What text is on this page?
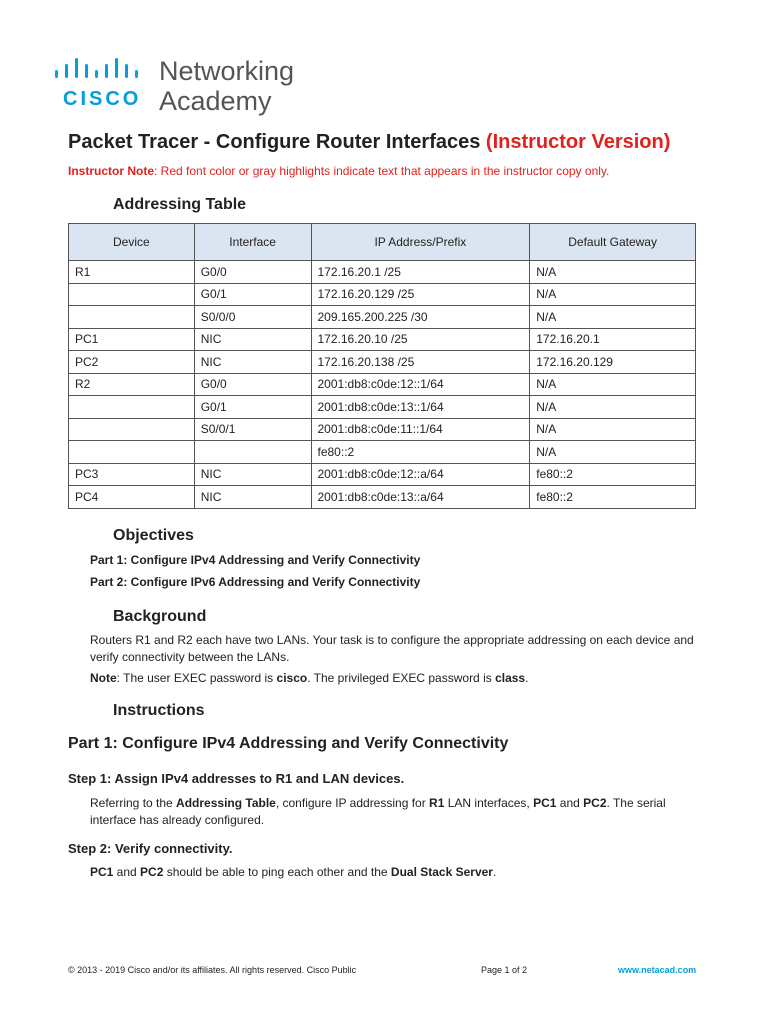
CISCO
Networking
Academy
Packet Tracer - Configure Router Interfaces (Instructor Version)
Instructor Note: Red font color or gray highlights indicate text that appears in the instructor copy only.
Addressing Table
Device	Interface	IP Address/Prefix	Default Gateway
R1	G0/0	172.16.20.1 /25	N/A
	G0/1	172.16.20.129 /25	N/A
	S0/0/0	209.165.200.225 /30	N/A
PC1	NIC	172.16.20.10 /25	172.16.20.1
PC2	NIC	172.16.20.138 /25	172.16.20.129
R2	G0/0	2001:db8:c0de:12::1/64	N/A
	G0/1	2001:db8:c0de:13::1/64	N/A
	S0/0/1	2001:db8:c0de:11::1/64	N/A
		fe80::2	N/A
PC3	NIC	2001:db8:c0de:12::a/64	fe80::2
PC4	NIC	2001:db8:c0de:13::a/64	fe80::2
Objectives
Part 1: Configure IPv4 Addressing and Verify Connectivity
Part 2: Configure IPv6 Addressing and Verify Connectivity
Background
Routers R1 and R2 each have two LANs. Your task is to configure the appropriate addressing on each device and verify connectivity between the LANs.
Note: The user EXEC password is cisco. The privileged EXEC password is class.
Instructions
Part 1: Configure IPv4 Addressing and Verify Connectivity
Step 1: Assign IPv4 addresses to R1 and LAN devices.
Referring to the Addressing Table, configure IP addressing for R1 LAN interfaces, PC1 and PC2. The serial interface has already configured.
Step 2: Verify connectivity.
PC1 and PC2 should be able to ping each other and the Dual Stack Server.
© 2013 - 2019 Cisco and/or its affiliates. All rights reserved. Cisco Public	Page 1 of 2	www.netacad.com
